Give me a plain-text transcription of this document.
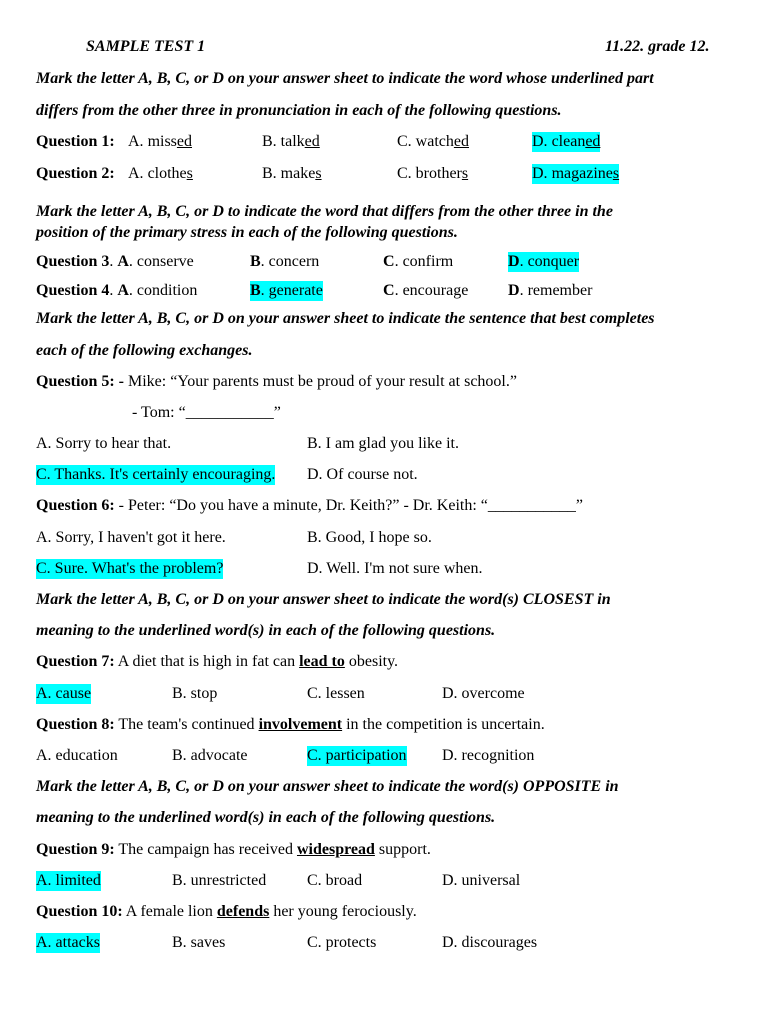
SAMPLE TEST 1	11.22. grade 12.
Mark the letter A, B, C, or D on your answer sheet to indicate the word whose underlined part
differs from the other three in pronunciation in each of the following questions.
Question 1: A. missed	B. talked	C. watched	D. cleaned
Question 2: A. clothes	B. makes	C. brothers	D. magazines
Mark the letter A, B, C, or D to indicate the word that differs from the other three in the
position of the primary stress in each of the following questions.
Question 3. A. conserve	B. concern	C. confirm	D. conquer
Question 4. A. condition	B. generate	C. encourage D. remember
Mark the letter A, B, C, or D on your answer sheet to indicate the sentence that best completes
each of the following exchanges.
Question 5: - Mike: “Your parents must be proud of your result at school.”
- Tom: “___________”
A. Sorry to hear that.	B. I am glad you like it.
C. Thanks. It's certainly encouraging. D. Of course not.
Question 6: - Peter: “Do you have a minute, Dr. Keith?” - Dr. Keith: “___________”
A. Sorry, I haven't got it here.	B. Good, I hope so.
C. Sure. What's the problem?	D. Well. I'm not sure when.
Mark the letter A, B, C, or D on your answer sheet to indicate the word(s) CLOSEST in
meaning to the underlined word(s) in each of the following questions.
Question 7: A diet that is high in fat can lead to obesity.
A. cause	B. stop	C. lessen	D. overcome
Question 8: The team's continued involvement in the competition is uncertain.
A. education	B. advocate	C. participation D. recognition
Mark the letter A, B, C, or D on your answer sheet to indicate the word(s) OPPOSITE in
meaning to the underlined word(s) in each of the following questions.
Question 9: The campaign has received widespread support.
A. limited	B. unrestricted	C. broad	D. universal
Question 10: A female lion defends her young ferociously.
A. attacks	B. saves	C. protects	D. discourages
